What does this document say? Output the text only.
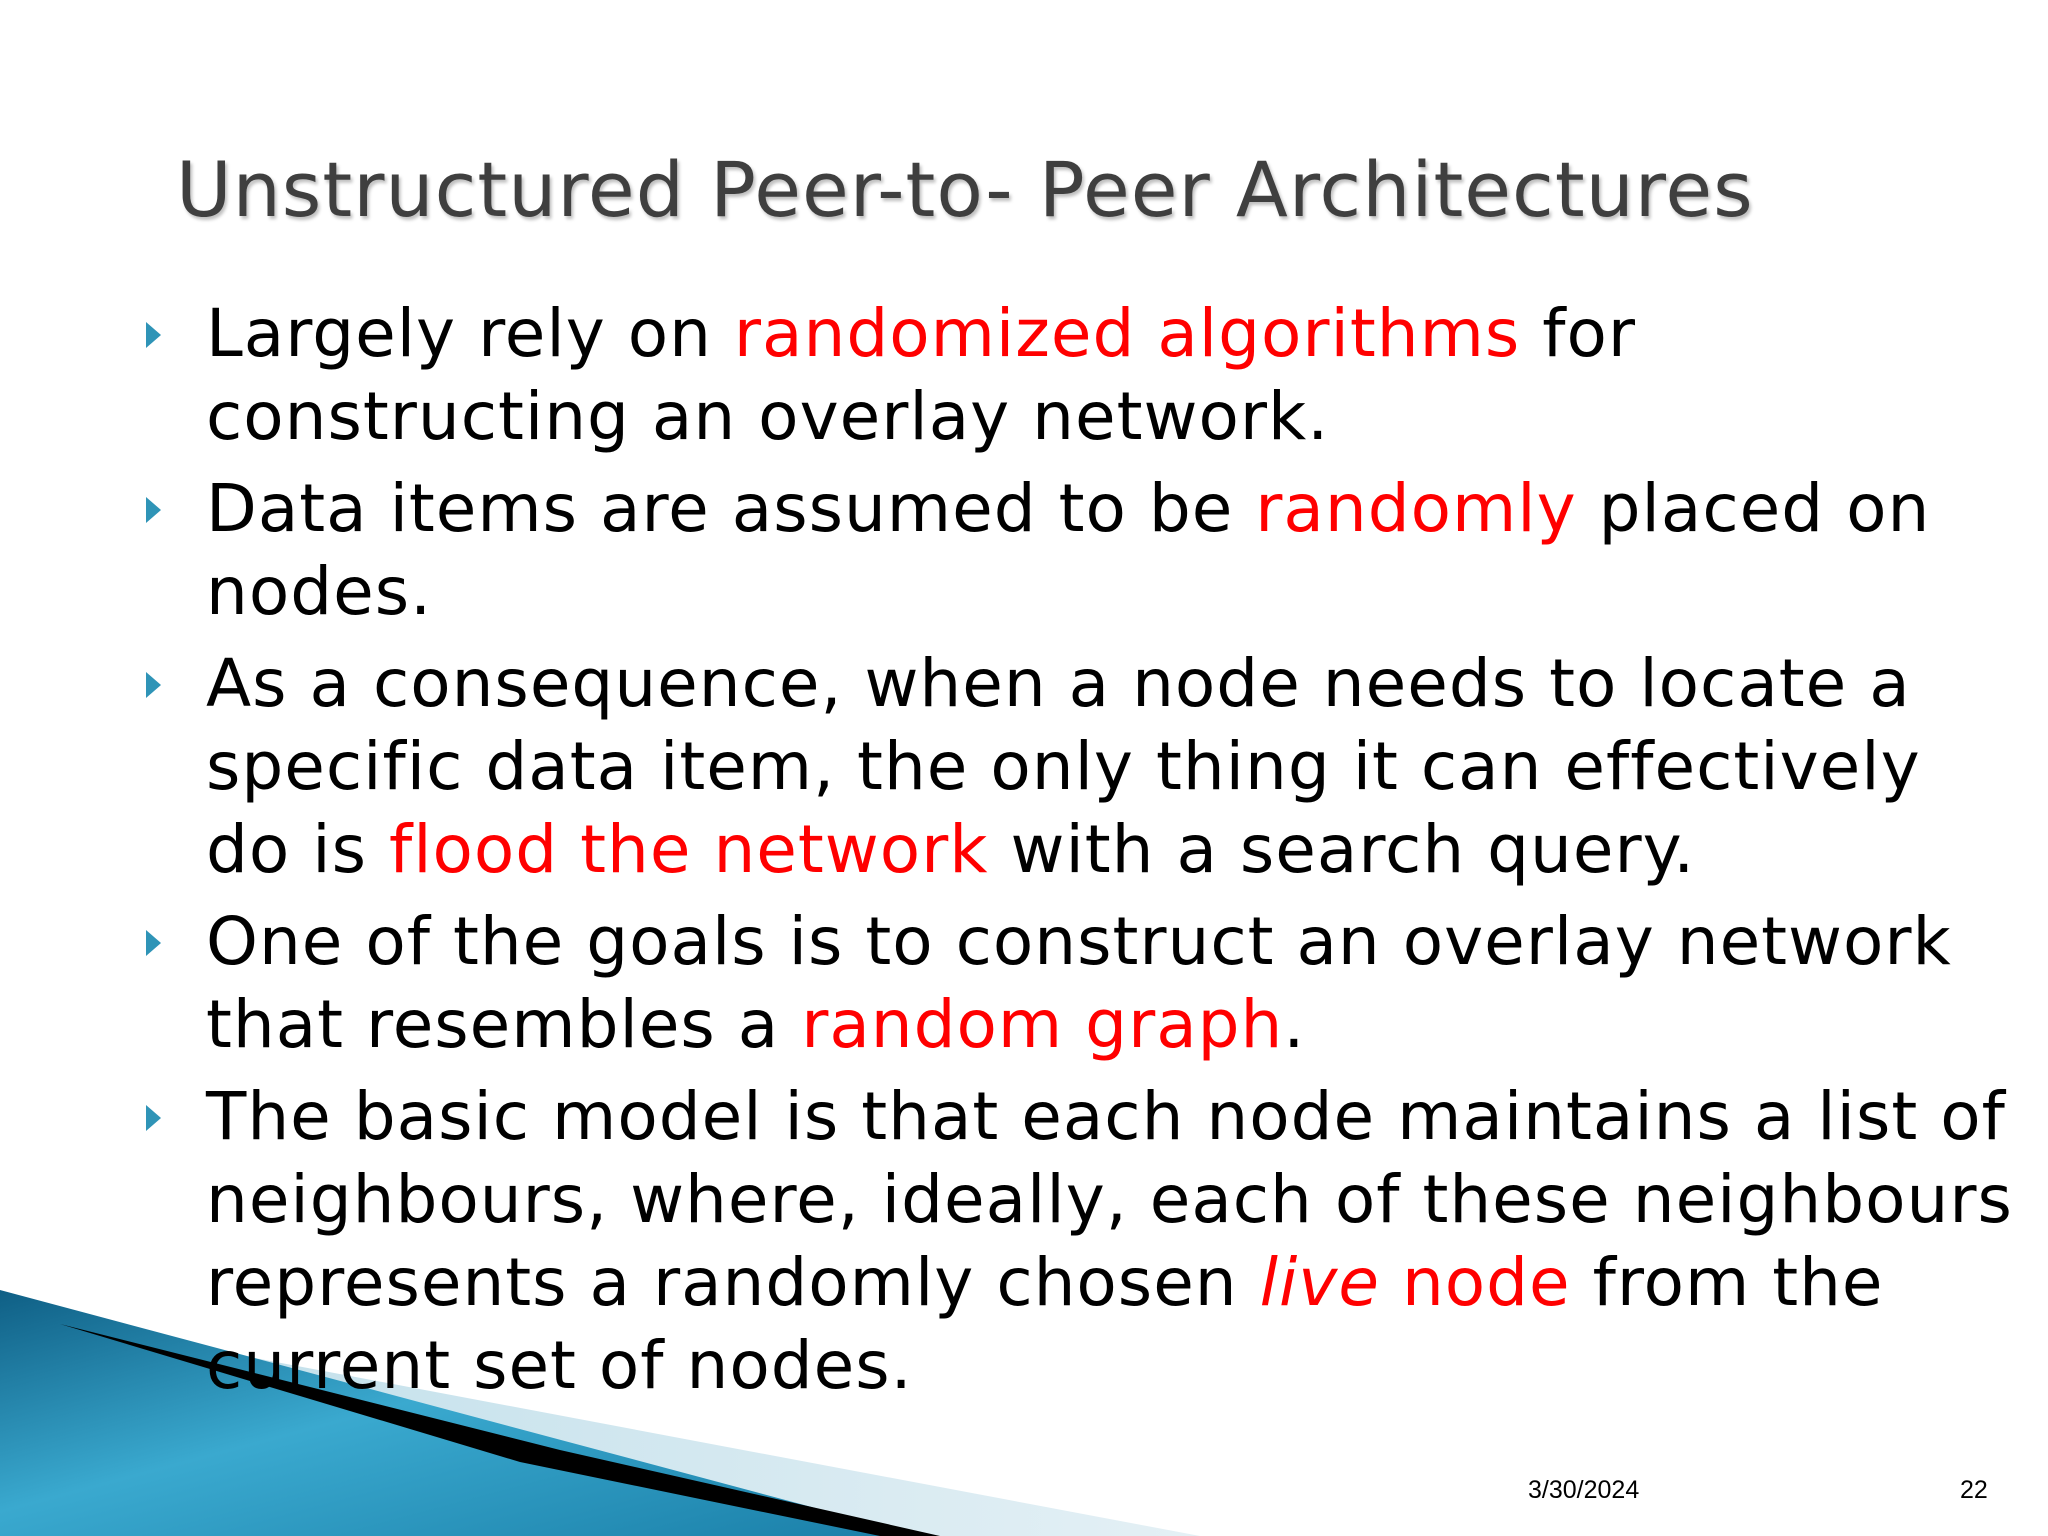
Unstructured Peer-to- Peer Architectures
Largely rely on randomized algorithms for constructing an overlay network.
Data items are assumed to be randomly placed on nodes.
As a consequence, when a node needs to locate a specific data item, the only thing it can effectively do is flood the network with a search query.
One of the goals is to construct an overlay network that resembles a random graph.
The basic model is that each node maintains a list of neighbours, where, ideally, each of these neighbours represents a randomly chosen live node from the current set of nodes.
3/30/2024	22
